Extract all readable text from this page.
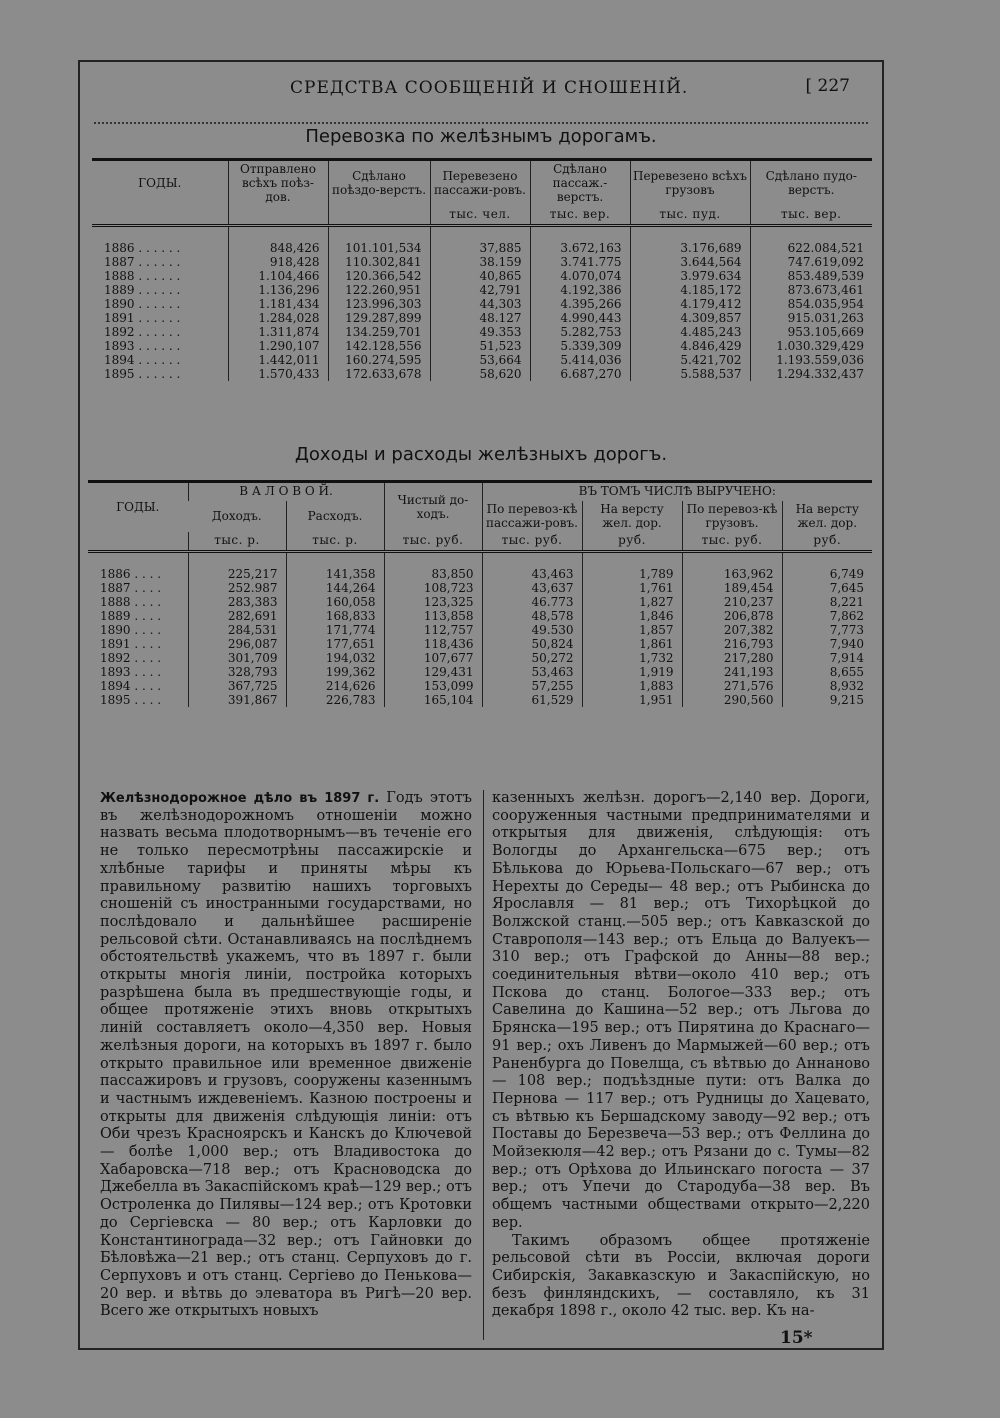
СРЕДСТВА СООБЩЕНІЙ И СНОШЕНІЙ.	[ 227
Перевозка по желѣзнымъ дорогамъ.
ГОДЫ.	Отправлено всѣхъ поѣз-дов.	Сдѣлано поѣздо-верстъ.	Перевезено пассажи-ровъ.	Сдѣлано пассаж.-верстъ.	Перевезено всѣхъ грузовъ	Сдѣлано пудо-верстъ.
			тыс. чел.	тыс. вер.	тыс. пуд.	тыс. вер.

1886 . . . . . .	848,426	101.101,534	37,885	3.672,163	3.176,689	622.084,521
1887 . . . . . .	918,428	110.302,841	38.159	3.741.775	3.644,564	747.619,092
1888 . . . . . .	1.104,466	120.366,542	40,865	4.070,074	3.979.634	853.489,539
1889 . . . . . .	1.136,296	122.260,951	42,791	4.192,386	4.185,172	873.673,461
1890 . . . . . .	1.181,434	123.996,303	44,303	4.395,266	4.179,412	854.035,954
1891 . . . . . .	1.284,028	129.287,899	48.127	4.990,443	4.309,857	915.031,263
1892 . . . . . .	1.311,874	134.259,701	49.353	5.282,753	4.485,243	953.105,669
1893 . . . . . .	1.290,107	142.128,556	51,523	5.339,309	4.846,429	1.030.329,429
1894 . . . . . .	1.442,011	160.274,595	53,664	5.414,036	5.421,702	1.193.559,036
1895 . . . . . .	1.570,433	172.633,678	58,620	6.687,270	5.588,537	1.294.332,437
Доходы и расходы желѣзныхъ дорогъ.
ГОДЫ.	В А Л О В О Й.		Чистый до-ходъ.	ВЪ ТОМЪ ЧИСЛѢ ВЫРУЧЕНО:			
	Доходъ.	Расходъ.		По перевоз-кѣ пассажи-ровъ.	На версту жел. дор.	По перевоз-кѣ грузовъ.	На версту жел. дор.
	тыс. р.	тыс. р.	тыс. руб.	тыс. руб.	руб.	тыс. руб.	руб.

1886 . . . .	225,217	141,358	83,850	43,463	1,789	163,962	6,749
1887 . . . .	252.987	144,264	108,723	43,637	1,761	189,454	7,645
1888 . . . .	283,383	160,058	123,325	46.773	1,827	210,237	8,221
1889 . . . .	282,691	168,833	113,858	48,578	1,846	206,878	7,862
1890 . . . .	284,531	171,774	112,757	49.530	1,857	207,382	7,773
1891 . . . .	296,087	177,651	118,436	50,824	1,861	216,793	7,940
1892 . . . .	301,709	194,032	107,677	50,272	1,732	217,280	7,914
1893 . . . .	328,793	199,362	129,431	53,463	1,919	241,193	8,655
1894 . . . .	367,725	214,626	153,099	57,255	1,883	271,576	8,932
1895 . . . .	391,867	226,783	165,104	61,529	1,951	290,560	9,215
Желѣзнодорожное дѣло въ 1897 г. Годъ этотъ въ желѣзнодорожномъ отношеніи можно назвать весьма плодотворнымъ—въ теченіе его не только пересмотрѣны пассажирскіе и хлѣбные тарифы и приняты мѣры къ правильному развитію нашихъ торговыхъ сношеній съ иностранными государствами, но послѣдовало и дальнѣйшее расширеніе рельсовой сѣти. Останавливаясь на послѣднемъ обстоятельствѣ укажемъ, что въ 1897 г. были открыты многія линіи, постройка которыхъ разрѣшена была въ предшествующіе годы, и общее протяженіе этихъ вновь открытыхъ линій составляетъ около—4,350 вер. Новыя желѣзныя дороги, на которыхъ въ 1897 г. было открыто правильное или временное движеніе пассажировъ и грузовъ, сооружены казеннымъ и частнымъ иждевеніемъ. Казною построены и открыты для движенія слѣдующія линіи: отъ Оби чрезъ Красноярскъ и Канскъ до Ключевой — болѣе 1,000 вер.; отъ Владивостока до Хабаровска—718 вер.; отъ Красноводска до Джебелла въ Закаспійскомъ краѣ—129 вер.; отъ Остроленка до Пилявы—124 вер.; отъ Кротовки до Сергіевска — 80 вер.; отъ Карловки до Константинограда—32 вер.; отъ Гайновки до Бѣловѣжа—21 вер.; отъ станц. Серпуховъ до г. Серпуховъ и отъ станц. Сергіево до Пенькова—20 вер. и вѣтвь до элеватора въ Ригѣ—20 вер. Всего же открытыхъ новыхъ
казенныхъ желѣзн. дорогъ—2,140 вер. Дороги, сооруженныя частными предпринимателями и открытыя для движенія, слѣдующія: отъ Вологды до Архангельска—675 вер.; отъ Бѣлькова до Юрьева-Польскаго—67 вер.; отъ Нерехты до Середы— 48 вер.; отъ Рыбинска до Ярославля — 81 вер.; отъ Тихорѣцкой до Волжской станц.—505 вер.; отъ Кавказской до Ставрополя—143 вер.; отъ Ельца до Валуекъ—310 вер.; отъ Графской до Анны—88 вер.; соединительныя вѣтви—около 410 вер.; отъ Пскова до станц. Бологое—333 вер.; отъ Савелина до Кашина—52 вер.; отъ Льгова до Брянска—195 вер.; отъ Пирятина до Краснаго—91 вер.; охъ Ливенъ до Мармыжей—60 вер.; отъ Раненбурга до Повелща, съ вѣтвью до Аннаново — 108 вер.; подъѣздные пути: отъ Валка до Пернова — 117 вер.; отъ Рудницы до Хацевато, съ вѣтвью къ Бершадскому заводу—92 вер.; отъ Поставы до Березвеча—53 вер.; отъ Феллина до Мойзекюля—42 вер.; отъ Рязани до с. Тумы—82 вер.; отъ Орѣхова до Ильинскаго погоста — 37 вер.; отъ Упечи до Стародуба—38 вер. Въ общемъ частными обществами открыто—2,220 вер.
Такимъ образомъ общее протяженіе рельсовой сѣти въ Россіи, включая дороги Сибирскія, Закавказскую и Закаспійскую, но безъ финляндскихъ, — составляло, къ 31 декабря 1898 г., около 42 тыс. вер. Къ на-
15*
